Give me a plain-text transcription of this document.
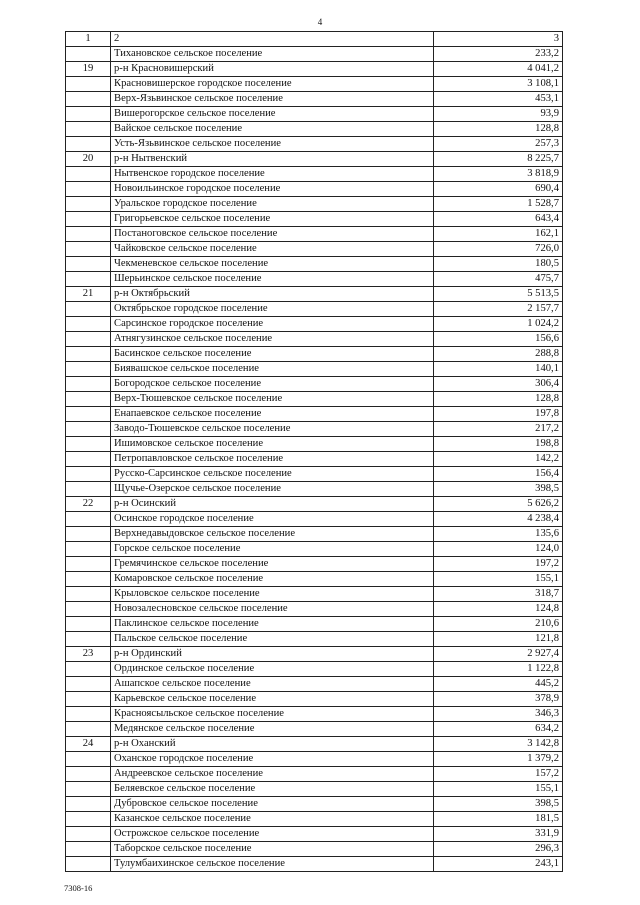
4
1	2	3
	Тихановское сельское поселение	233,2
19	р-н Красновишерский	4 041,2
	Красновишерское городское поселение	3 108,1
	Верх-Язьвинское сельское поселение	453,1
	Вишерогорское сельское поселение	93,9
	Вайское сельское поселение	128,8
	Усть-Язьвинское сельское поселение	257,3
20	р-н Нытвенский	8 225,7
	Нытвенское городское поселение	3 818,9
	Новоильинское городское поселение	690,4
	Уральское городское поселение	1 528,7
	Григорьевское сельское поселение	643,4
	Постаноговское сельское поселение	162,1
	Чайковское сельское поселение	726,0
	Чекменевское сельское поселение	180,5
	Шерьинское сельское поселение	475,7
21	р-н Октябрьский	5 513,5
	Октябрьское городское поселение	2 157,7
	Сарсинское городское поселение	1 024,2
	Атнягузинское сельское поселение	156,6
	Басинское сельское поселение	288,8
	Биявашское сельское поселение	140,1
	Богородское сельское поселение	306,4
	Верх-Тюшевское сельское поселение	128,8
	Енапаевское сельское поселение	197,8
	Заводо-Тюшевское сельское поселение	217,2
	Ишимовское сельское поселение	198,8
	Петропавловское сельское поселение	142,2
	Русско-Сарсинское сельское поселение	156,4
	Щучье-Озерское сельское поселение	398,5
22	р-н Осинский	5 626,2
	Осинское городское поселение	4 238,4
	Верхнедавыдовское сельское поселение	135,6
	Горское сельское поселение	124,0
	Гремячинское сельское поселение	197,2
	Комаровское сельское поселение	155,1
	Крыловское сельское поселение	318,7
	Новозалесновское сельское поселение	124,8
	Паклинское сельское поселение	210,6
	Пальское сельское поселение	121,8
23	р-н Ординский	2 927,4
	Ординское сельское поселение	1 122,8
	Ашапское сельское поселение	445,2
	Карьевское сельское поселение	378,9
	Красноясыльское сельское поселение	346,3
	Медянское сельское поселение	634,2
24	р-н Оханский	3 142,8
	Оханское городское поселение	1 379,2
	Андреевское сельское поселение	157,2
	Беляевское сельское поселение	155,1
	Дубровское сельское поселение	398,5
	Казанское сельское поселение	181,5
	Острожское сельское поселение	331,9
	Таборское сельское поселение	296,3
	Тулумбаихинское сельское поселение	243,1
7308-16
